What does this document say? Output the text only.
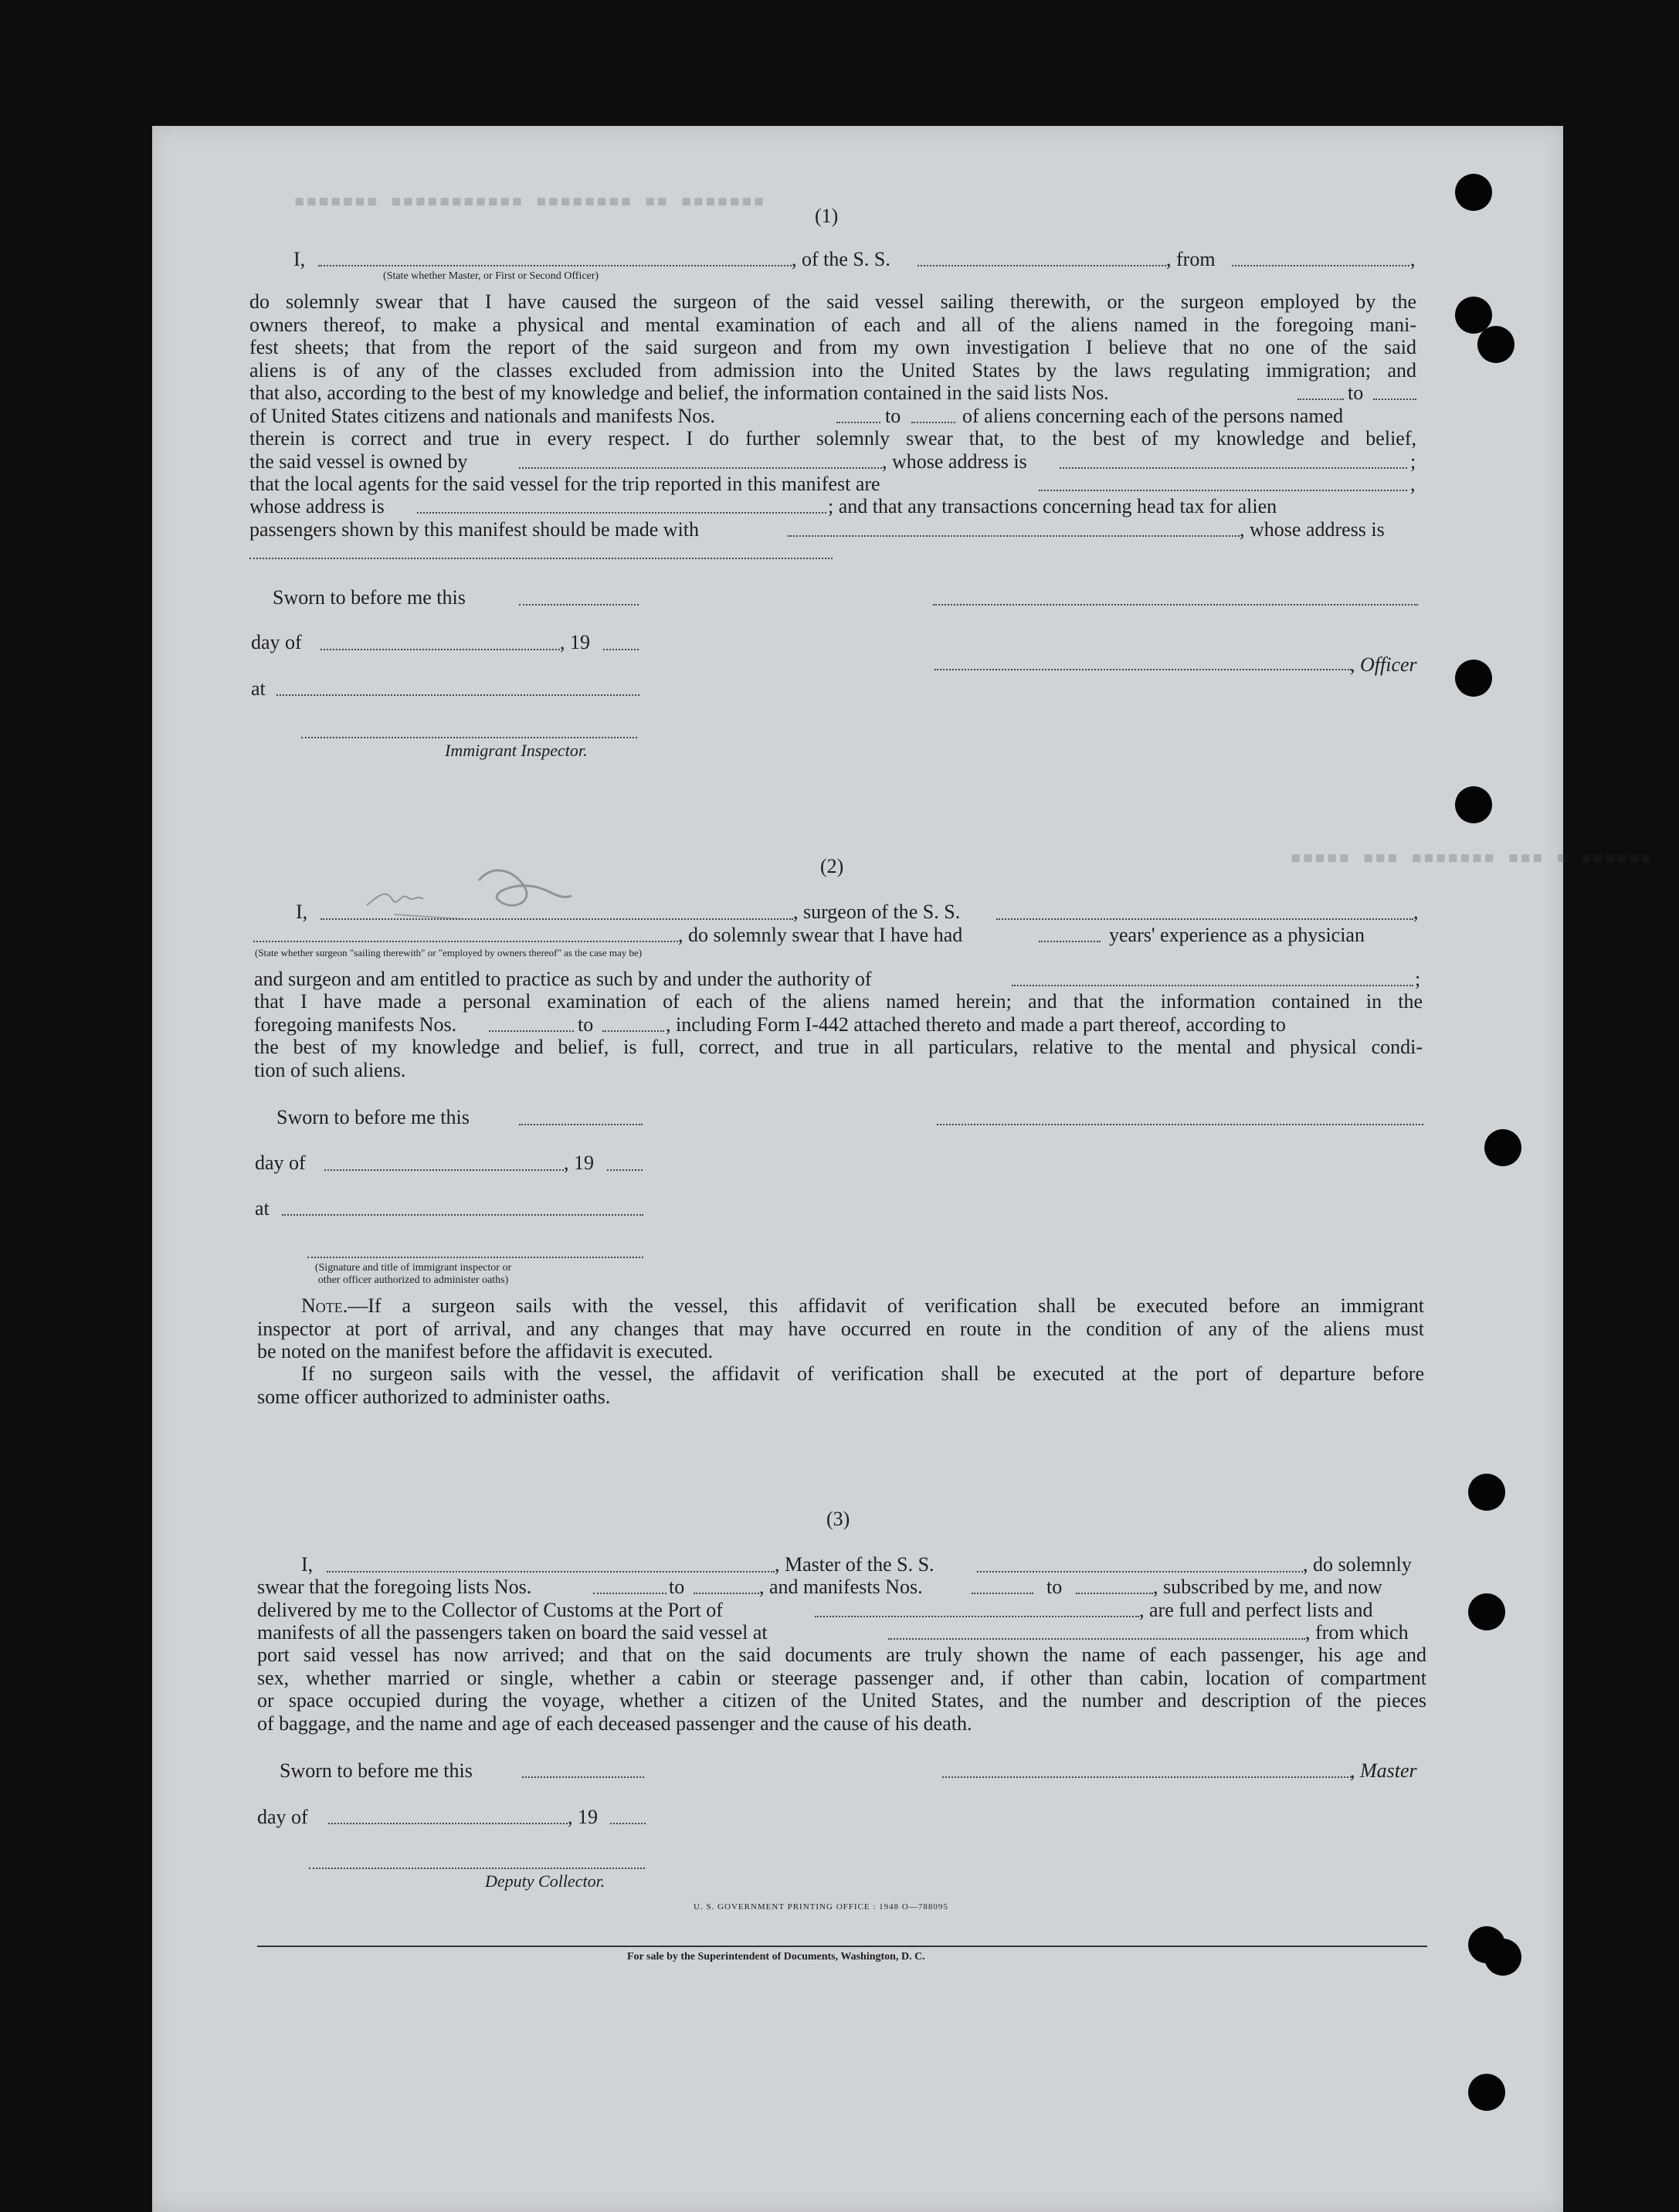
▪▪▪▪▪▪▪ ▪▪ ▪▪▪▪▪▪▪▪ ▪▪▪▪▪▪▪▪▪▪▪ ▪▪▪▪▪▪▪
▪▪▪▪▪▪ ▪ ▪▪▪ ▪▪▪▪▪▪▪ ▪▪▪ ▪▪▪▪▪
(1)
I,
(State whether Master, or First or Second Officer)
, of the S. S.	, from	,
do solemnly swear that I have caused the surgeon of the said vessel sailing therewith, or the surgeon employed by the
owners thereof, to make a physical and mental examination of each and all of the aliens named in the foregoing mani-
fest sheets; that from the report of the said surgeon and from my own investigation I believe that no one of the said
aliens is of any of the classes excluded from admission into the United States by the laws regulating immigration; and
that also, according to the best of my knowledge and belief, the information contained in the said lists Nos.	to
of United States citizens and nationals and manifests Nos.	to	of aliens concerning each of the persons named
therein is correct and true in every respect. I do further solemnly swear that, to the best of my knowledge and belief,
the said vessel is owned by	, whose address is	;
that the local agents for the said vessel for the trip reported in this manifest are	,
whose address is	; and that any transactions concerning head tax for alien
passengers shown by this manifest should be made with	, whose address is
Sworn to before me this
day of	, 19
, Officer
at
Immigrant Inspector.
(2)
I,	, surgeon of the S. S.	,
, do solemnly swear that I have had	years' experience as a physician
(State whether surgeon "sailing therewith" or "employed by owners thereof" as the case may be)
and surgeon and am entitled to practice as such by and under the authority of	;
that I have made a personal examination of each of the aliens named herein; and that the information contained in the
foregoing manifests Nos.	to	, including Form I-442 attached thereto and made a part thereof, according to
the best of my knowledge and belief, is full, correct, and true in all particulars, relative to the mental and physical condi-
tion of such aliens.
Sworn to before me this
day of	, 19
at
(Signature and title of immigrant inspector or
other officer authorized to administer oaths)
Note.—If a surgeon sails with the vessel, this affidavit of verification shall be executed before an immigrant
inspector at port of arrival, and any changes that may have occurred en route in the condition of any of the aliens must
be noted on the manifest before the affidavit is executed.
If no surgeon sails with the vessel, the affidavit of verification shall be executed at the port of departure before
some officer authorized to administer oaths.
(3)
I,	, Master of the S. S.	, do solemnly
swear that the foregoing lists Nos.	to	, and manifests Nos.	to	, subscribed by me, and now
delivered by me to the Collector of Customs at the Port of	, are full and perfect lists and
manifests of all the passengers taken on board the said vessel at	, from which
port said vessel has now arrived; and that on the said documents are truly shown the name of each passenger, his age and
sex, whether married or single, whether a cabin or steerage passenger and, if other than cabin, location of compartment
or space occupied during the voyage, whether a citizen of the United States, and the number and description of the pieces
of baggage, and the name and age of each deceased passenger and the cause of his death.
Sworn to before me this	, Master
day of	, 19
Deputy Collector.
U. S. GOVERNMENT PRINTING OFFICE : 1948 O—788095
For sale by the Superintendent of Documents, Washington, D. C.
